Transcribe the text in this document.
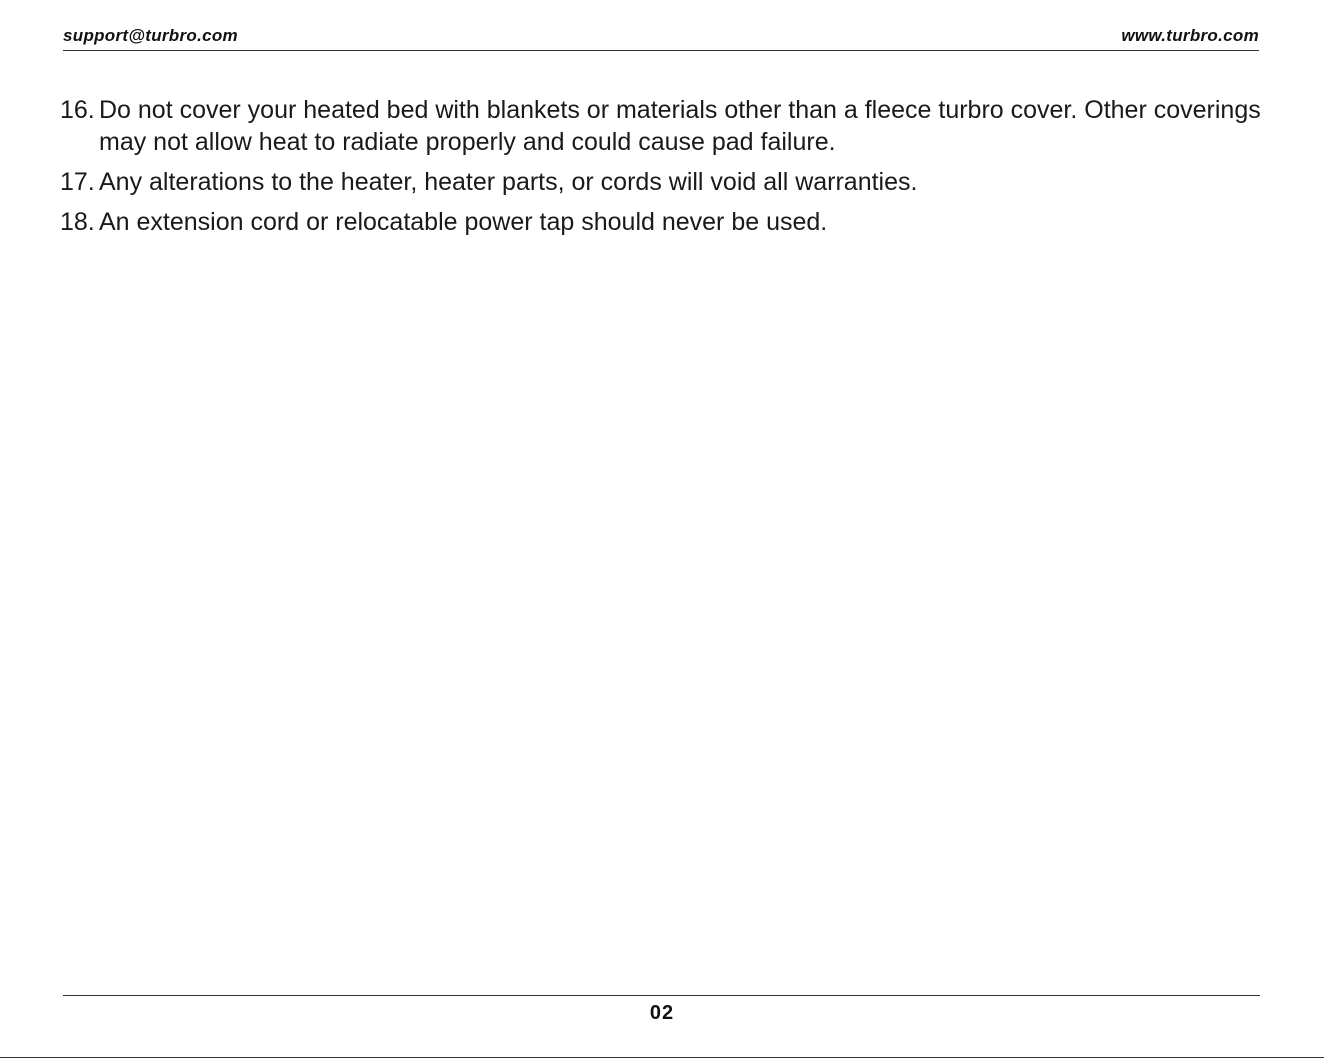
support@turbro.com	www.turbro.com
16. Do not cover your heated bed with blankets or materials other than a fleece turbro cover. Other coverings may not allow heat to radiate properly and could cause pad failure.
17. Any alterations to the heater, heater parts, or cords will void all warranties.
18. An extension cord or relocatable power tap should never be used.
02
